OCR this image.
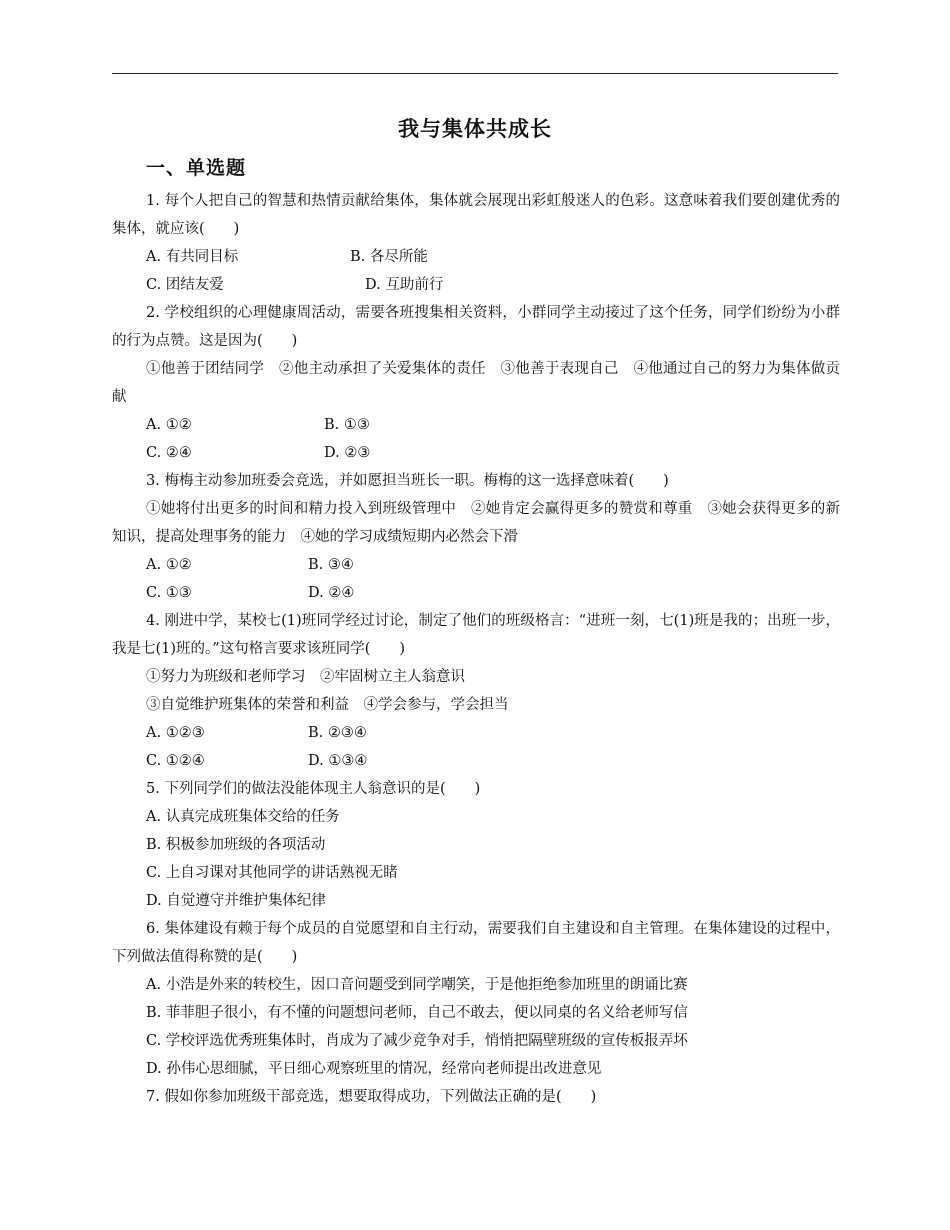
我与集体共成长
一、单选题

1. 每个人把自己的智慧和热情贡献给集体，集体就会展现出彩虹般迷人的色彩。这意味着我们要创建优秀的集体，就应该(　　)

A. 有共同目标	B. 各尽所能
C. 团结友爱	D. 互助前行

2. 学校组织的心理健康周活动，需要各班搜集相关资料，小群同学主动接过了这个任务，同学们纷纷为小群的行为点赞。这是因为(　　)

①他善于团结同学　②他主动承担了关爱集体的责任　③他善于表现自己　④他通过自己的努力为集体做贡献

A. ①②	B. ①③
C. ②④	D. ②③

3. 梅梅主动参加班委会竞选，并如愿担当班长一职。梅梅的这一选择意味着(　　)

①她将付出更多的时间和精力投入到班级管理中　②她肯定会赢得更多的赞赏和尊重　③她会获得更多的新知识，提高处理事务的能力　④她的学习成绩短期内必然会下滑

A. ①②	B. ③④
C. ①③	D. ②④

4. 刚进中学，某校七(1)班同学经过讨论，制定了他们的班级格言：“进班一刻，七(1)班是我的；出班一步，我是七(1)班的。”这句格言要求该班同学(　　)

①努力为班级和老师学习　②牢固树立主人翁意识

③自觉维护班集体的荣誉和利益　④学会参与，学会担当

A. ①②③	B. ②③④
C. ①②④	D. ①③④

5. 下列同学们的做法没能体现主人翁意识的是(　　)

A. 认真完成班集体交给的任务
B. 积极参加班级的各项活动
C. 上自习课对其他同学的讲话熟视无睹
D. 自觉遵守并维护集体纪律

6. 集体建设有赖于每个成员的自觉愿望和自主行动，需要我们自主建设和自主管理。在集体建设的过程中，下列做法值得称赞的是(　　)

A. 小浩是外来的转校生，因口音问题受到同学嘲笑，于是他拒绝参加班里的朗诵比赛
B. 菲菲胆子很小，有不懂的问题想问老师，自己不敢去，便以同桌的名义给老师写信
C. 学校评选优秀班集体时，肖成为了减少竞争对手，悄悄把隔壁班级的宣传板报弄坏
D. 孙伟心思细腻，平日细心观察班里的情况，经常向老师提出改进意见

7. 假如你参加班级干部竞选，想要取得成功，下列做法正确的是(　　)
